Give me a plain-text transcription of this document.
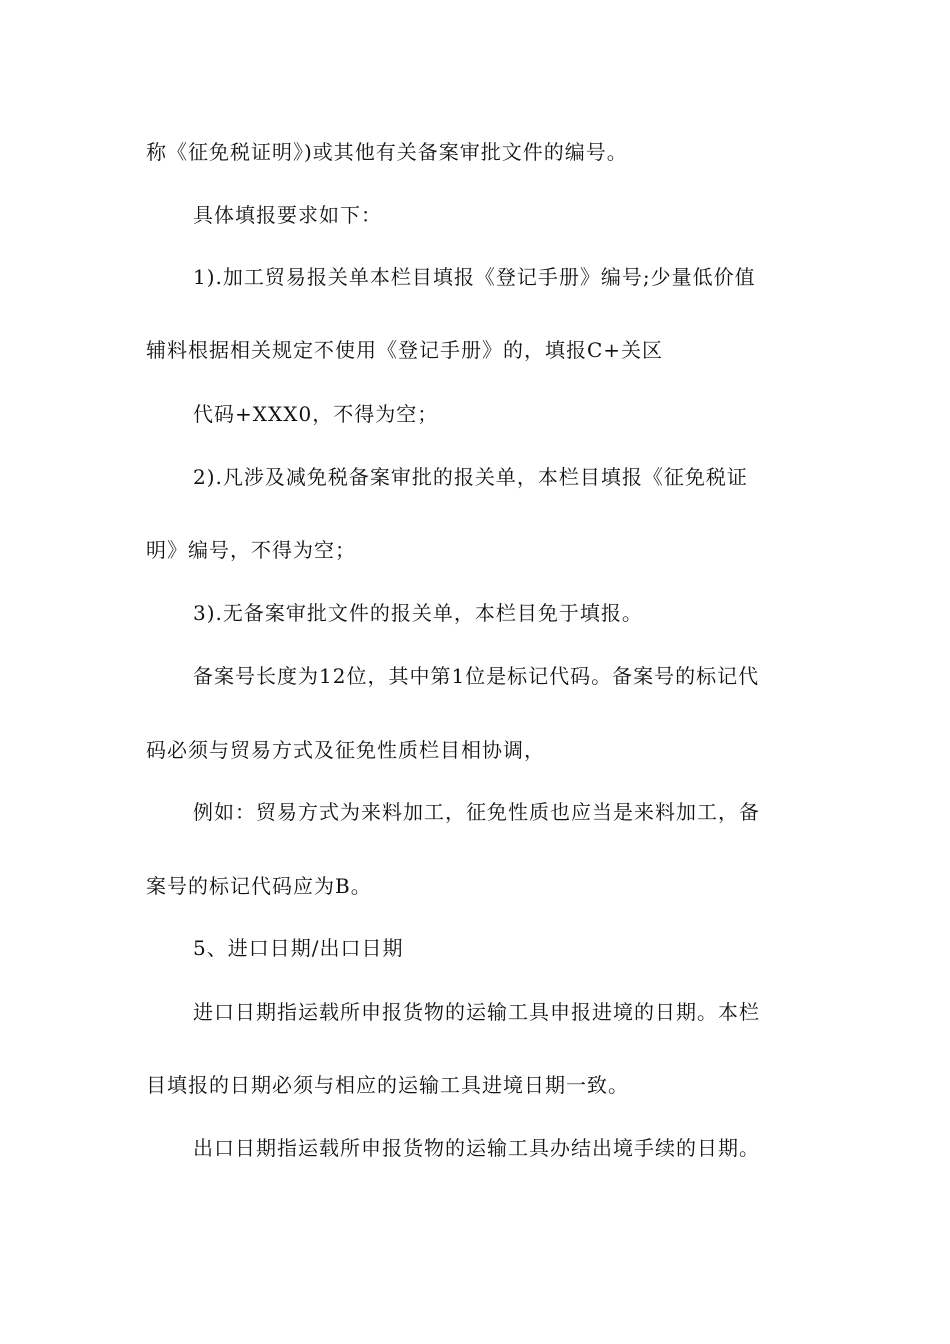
称《征免税证明》)或其他有关备案审批文件的编号。
具体填报要求如下：
1).加工贸易报关单本栏目填报《登记手册》编号;少量低价值
辅料根据相关规定不使用《登记手册》的，填报C+关区
代码+XXX0，不得为空；
2).凡涉及减免税备案审批的报关单，本栏目填报《征免税证
明》编号，不得为空；
3).无备案审批文件的报关单，本栏目免于填报。
备案号长度为12位，其中第1位是标记代码。备案号的标记代
码必须与贸易方式及征免性质栏目相协调，
例如：贸易方式为来料加工，征免性质也应当是来料加工，备
案号的标记代码应为B。
5、进口日期/出口日期
进口日期指运载所申报货物的运输工具申报进境的日期。本栏
目填报的日期必须与相应的运输工具进境日期一致。
出口日期指运载所申报货物的运输工具办结出境手续的日期。
